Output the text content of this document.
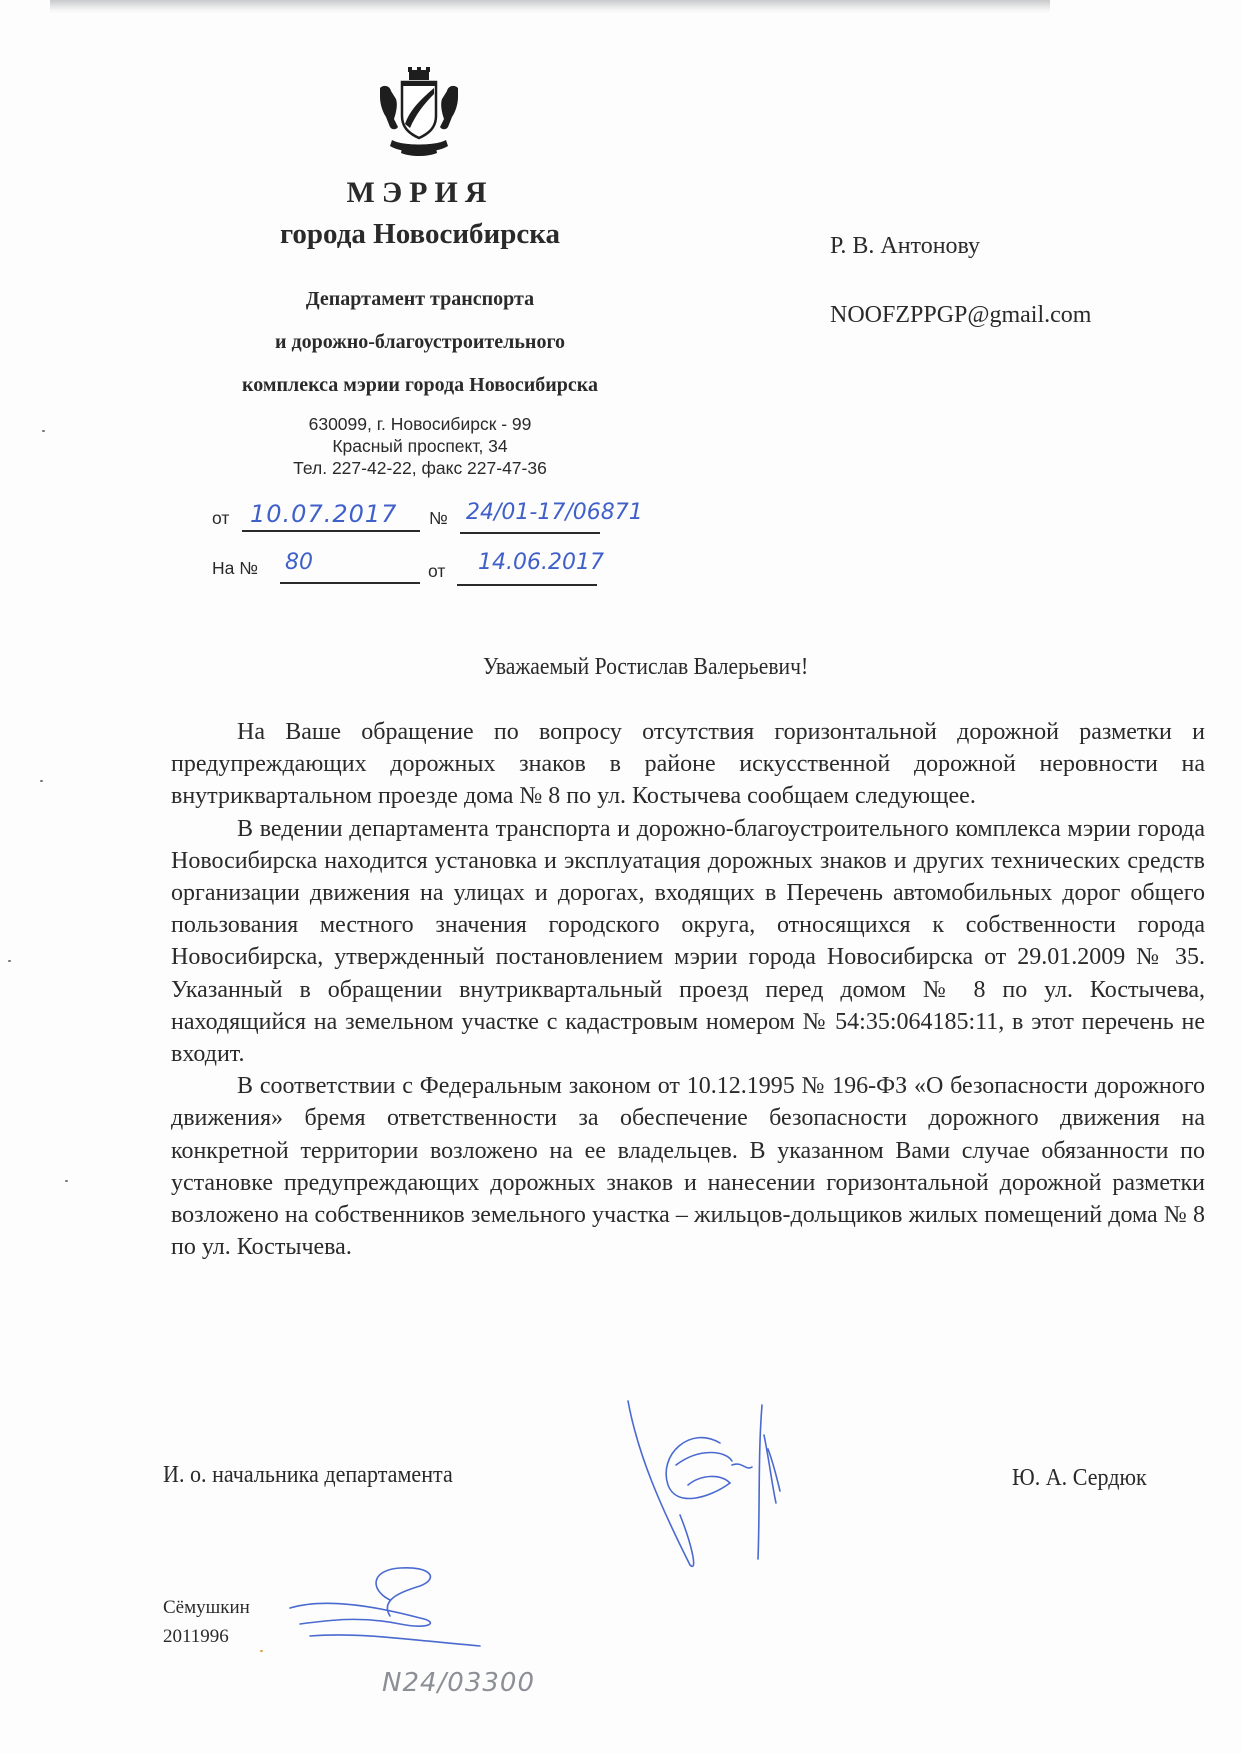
МЭРИЯ
города Новосибирска
Департамент транспорта
и дорожно-благоустроительного
комплекса мэрии города Новосибирска
630099, г. Новосибирск - 99
Красный проспект, 34
Тел. 227-42-22, факс 227-47-36
от 10.07.2017 № 24/01-17/06871
На № 80	от 14.06.2017
Р. В. Антонову
NOOFZPPGP@gmail.com
Уважаемый Ростислав Валерьевич!

На Ваше обращение по вопросу отсутствия горизонтальной дорожной разметки и предупреждающих дорожных знаков в районе искусственной дорожной неровности на внутриквартальном проезде дома № 8 по ул. Костычева сообщаем следующее.

В ведении департамента транспорта и дорожно-благоустроительного комплекса мэрии города Новосибирска находится установка и эксплуатация дорожных знаков и других технических средств организации движения на улицах и дорогах, входящих в Перечень автомобильных дорог общего пользования местного значения городского округа, относящихся к собственности города Новосибирска, утвержденный постановлением мэрии города Новосибирска от 29.01.2009 № 35. Указанный в обращении внутриквартальный проезд перед домом № 8 по ул. Костычева, находящийся на земельном участке с кадастровым номером № 54:35:064185:11, в этот перечень не входит.

В соответствии с Федеральным законом от 10.12.1995 № 196-ФЗ «О безопасности дорожного движения» бремя ответственности за обеспечение безопасности дорожного движения на конкретной территории возложено на ее владельцев. В указанном Вами случае обязанности по установке предупреждающих дорожных знаков и нанесении горизонтальной дорожной разметки возложено на собственников земельного участка – жильцов-дольщиков жилых помещений дома № 8 по ул. Костычева.

И. о. начальника департамента	Ю. А. Сердюк
Сёмушкин
2011996
N24/03300
